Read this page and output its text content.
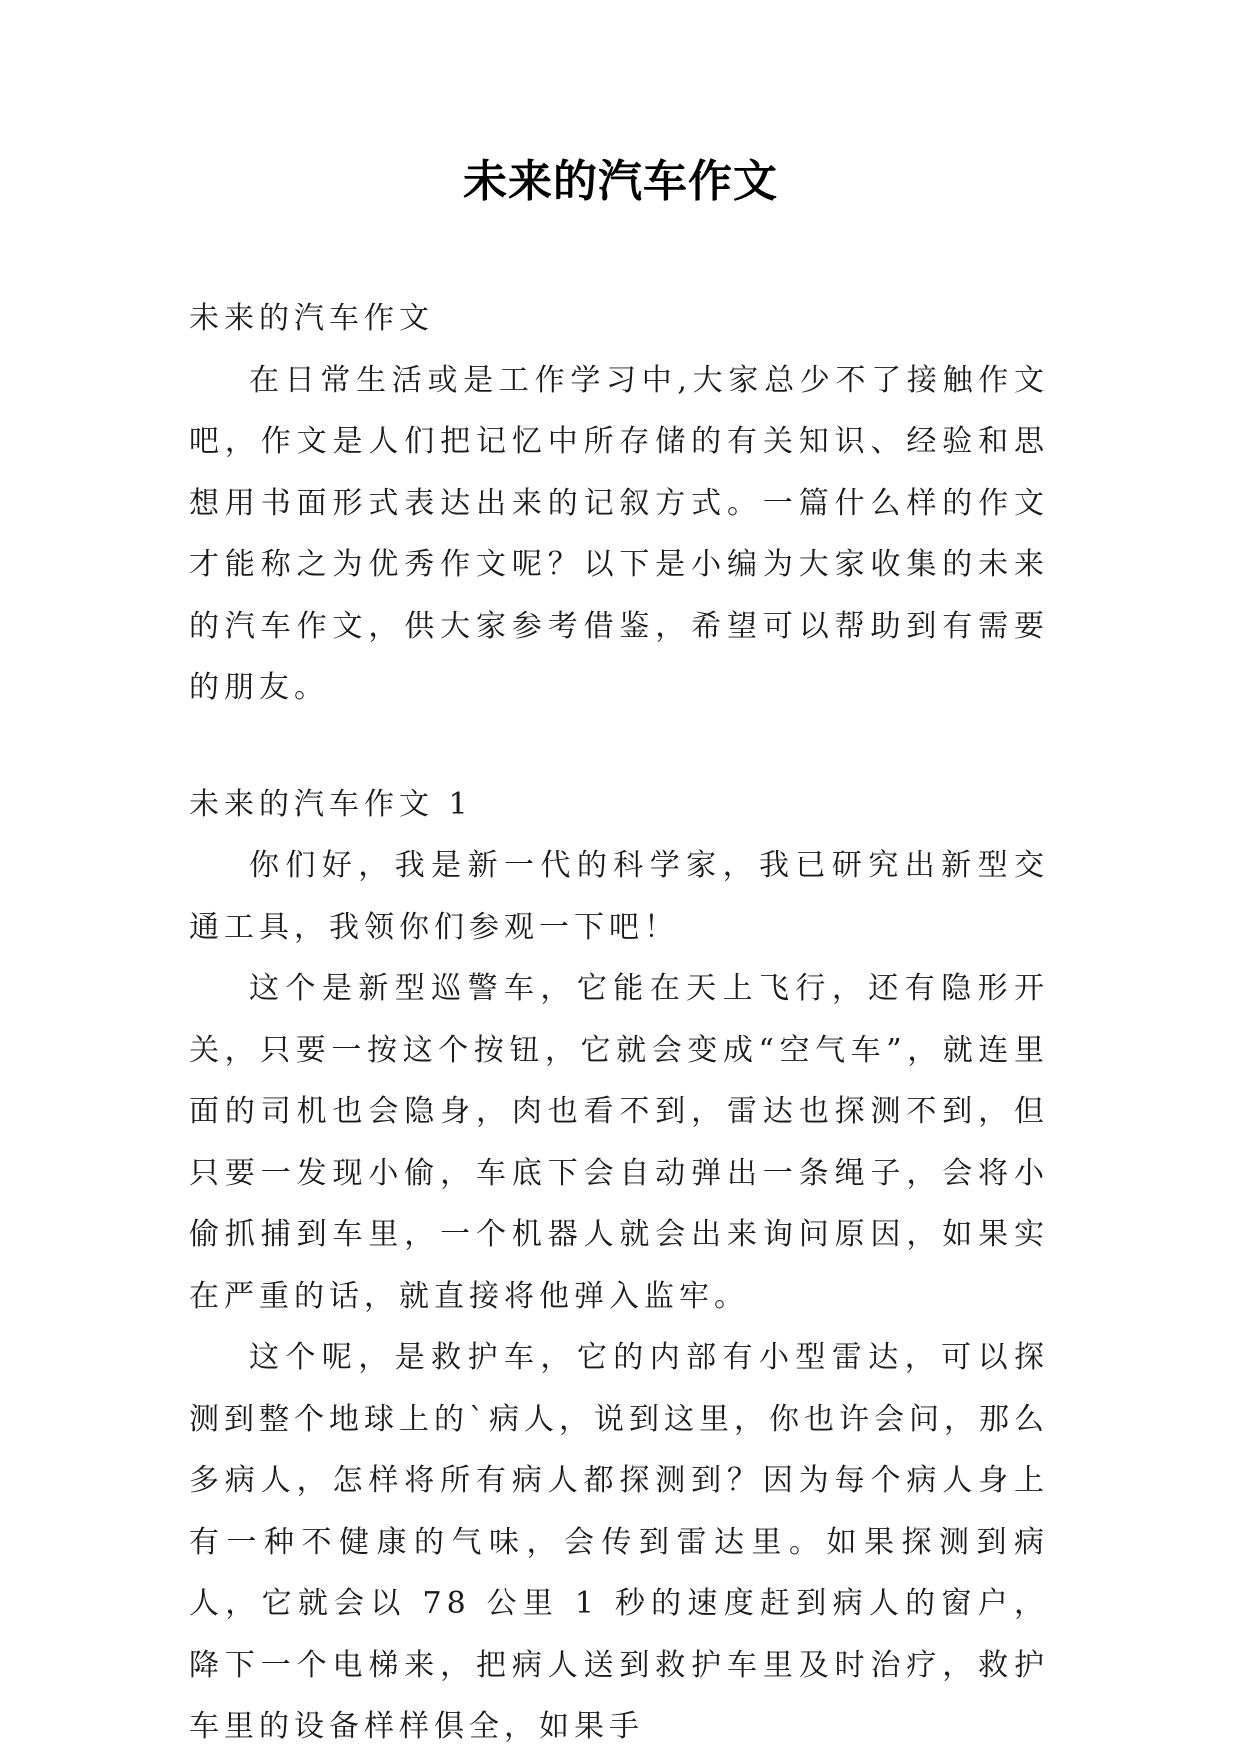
未来的汽车作文

未来的汽车作文

在日常生活或是工作学习中,大家总少不了接触作文吧，作文是人们把记忆中所存储的有关知识、经验和思想用书面形式表达出来的记叙方式。一篇什么样的作文才能称之为优秀作文呢？以下是小编为大家收集的未来的汽车作文，供大家参考借鉴，希望可以帮助到有需要的朋友。

未来的汽车作文 1

你们好，我是新一代的科学家，我已研究出新型交通工具，我领你们参观一下吧！

这个是新型巡警车，它能在天上飞行，还有隐形开关，只要一按这个按钮，它就会变成“空气车”，就连里面的司机也会隐身，肉也看不到，雷达也探测不到，但只要一发现小偷，车底下会自动弹出一条绳子，会将小偷抓捕到车里，一个机器人就会出来询问原因，如果实在严重的话，就直接将他弹入监牢。

这个呢，是救护车，它的内部有小型雷达，可以探测到整个地球上的`病人，说到这里，你也许会问，那么多病人，怎样将所有病人都探测到？因为每个病人身上有一种不健康的气味，会传到雷达里。如果探测到病人，它就会以 78 公里 1 秒的速度赶到病人的窗户，降下一个电梯来，把病人送到救护车里及时治疗，救护车里的设备样样俱全，如果手
